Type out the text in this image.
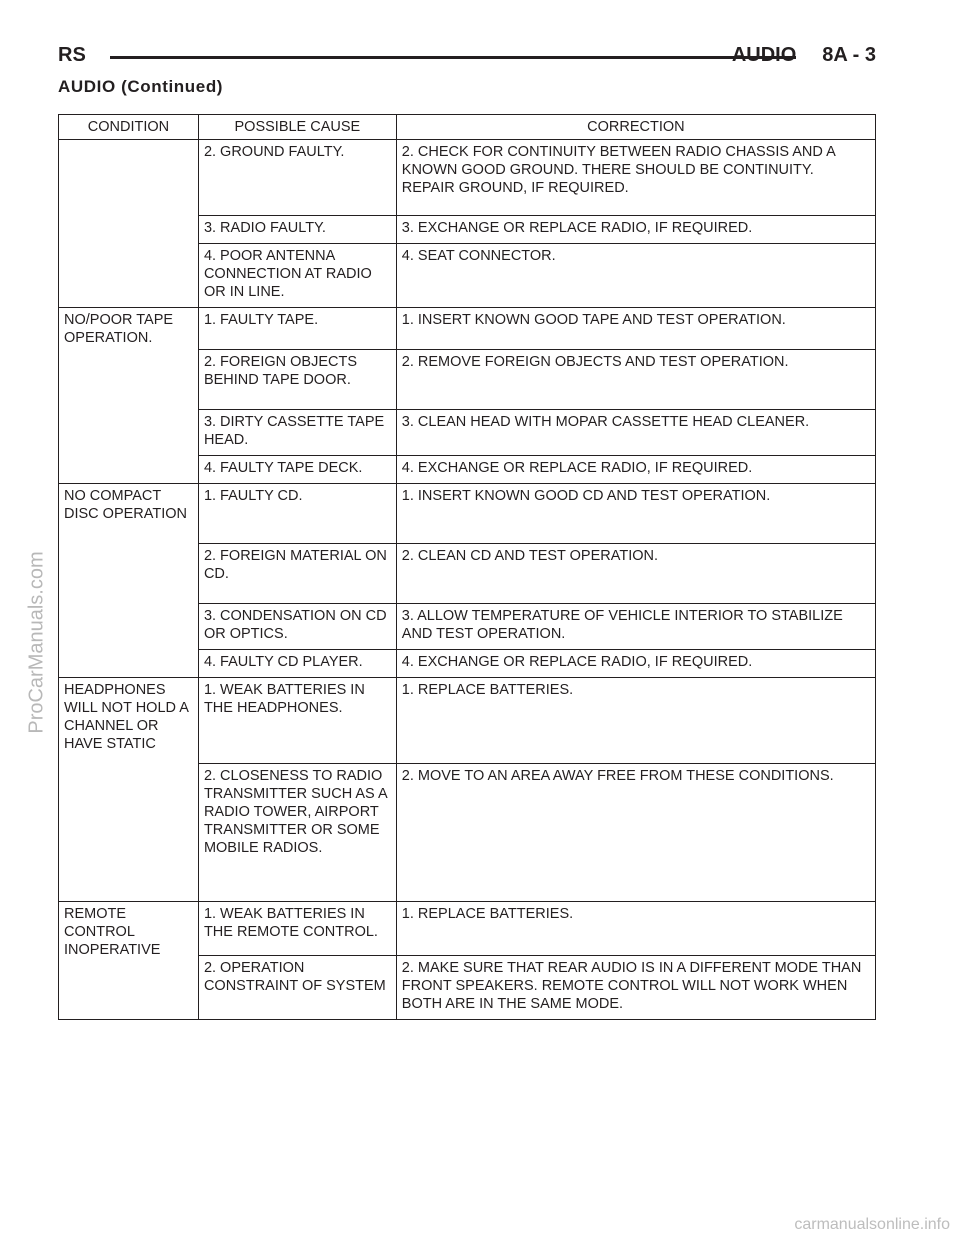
RS	AUDIO 8A - 3
AUDIO (Continued)
CONDITION	POSSIBLE CAUSE	CORRECTION
	2. GROUND FAULTY.	2. CHECK FOR CONTINUITY BETWEEN RADIO CHASSIS AND A KNOWN GOOD GROUND. THERE SHOULD BE CONTINUITY. REPAIR GROUND, IF REQUIRED.
	3. RADIO FAULTY.	3. EXCHANGE OR REPLACE RADIO, IF REQUIRED.
	4. POOR ANTENNA CONNECTION AT RADIO OR IN LINE.	4. SEAT CONNECTOR.
NO/POOR TAPE OPERATION.	1. FAULTY TAPE.	1. INSERT KNOWN GOOD TAPE AND TEST OPERATION.
	2. FOREIGN OBJECTS BEHIND TAPE DOOR.	2. REMOVE FOREIGN OBJECTS AND TEST OPERATION.
	3. DIRTY CASSETTE TAPE HEAD.	3. CLEAN HEAD WITH MOPAR CASSETTE HEAD CLEANER.
	4. FAULTY TAPE DECK.	4. EXCHANGE OR REPLACE RADIO, IF REQUIRED.
NO COMPACT DISC OPERATION	1. FAULTY CD.	1. INSERT KNOWN GOOD CD AND TEST OPERATION.
	2. FOREIGN MATERIAL ON CD.	2. CLEAN CD AND TEST OPERATION.
	3. CONDENSATION ON CD OR OPTICS.	3. ALLOW TEMPERATURE OF VEHICLE INTERIOR TO STABILIZE AND TEST OPERATION.
	4. FAULTY CD PLAYER.	4. EXCHANGE OR REPLACE RADIO, IF REQUIRED.
HEADPHONES WILL NOT HOLD A CHANNEL OR HAVE STATIC	1. WEAK BATTERIES IN THE HEADPHONES.	1. REPLACE BATTERIES.
	2. CLOSENESS TO RADIO TRANSMITTER SUCH AS A RADIO TOWER, AIRPORT TRANSMITTER OR SOME MOBILE RADIOS.	2. MOVE TO AN AREA AWAY FREE FROM THESE CONDITIONS.
REMOTE CONTROL INOPERATIVE	1. WEAK BATTERIES IN THE REMOTE CONTROL.	1. REPLACE BATTERIES.
	2. OPERATION CONSTRAINT OF SYSTEM	2. MAKE SURE THAT REAR AUDIO IS IN A DIFFERENT MODE THAN FRONT SPEAKERS. REMOTE CONTROL WILL NOT WORK WHEN BOTH ARE IN THE SAME MODE.
ProCarManuals.com
carmanualsonline.info
